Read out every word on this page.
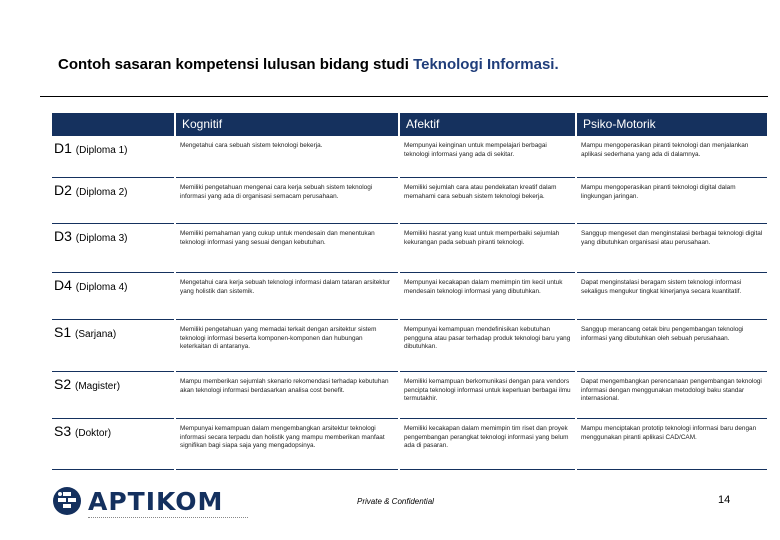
Contoh sasaran kompetensi lulusan bidang studi Teknologi Informasi.
	Kognitif	Afektif	Psiko-Motorik
D1 (Diploma 1)	Mengetahui cara sebuah sistem teknologi bekerja.	Mempunyai keinginan untuk mempelajari berbagai teknologi informasi yang ada di sekitar.	Mampu mengoperasikan piranti teknologi dan menjalankan aplikasi sederhana yang ada di dalamnya.
D2 (Diploma 2)	Memiliki pengetahuan mengenai cara kerja sebuah sistem teknologi informasi yang ada di organisasi semacam perusahaan.	Memiliki sejumlah cara atau pendekatan kreatif dalam memahami cara sebuah sistem teknologi bekerja.	Mampu mengoperasikan piranti teknologi digital dalam lingkungan jaringan.
D3 (Diploma 3)	Memiliki pemahaman yang cukup untuk mendesain dan menentukan teknologi informasi yang sesuai dengan kebutuhan.	Memiliki hasrat yang kuat untuk memperbaiki sejumlah kekurangan pada sebuah piranti teknologi.	Sanggup mengeset dan menginstalasi berbagai teknologi digital yang dibutuhkan organisasi atau perusahaan.
D4 (Diploma 4)	Mengetahui cara kerja sebuah teknologi informasi dalam tataran arsitektur yang holistik dan sistemik.	Mempunyai kecakapan dalam memimpin tim kecil untuk mendesain teknologi informasi yang dibutuhkan.	Dapat menginstalasi beragam sistem teknologi informasi sekaligus mengukur tingkat kinerjanya secara kuantitatif.
S1 (Sarjana)	Memiliki pengetahuan yang memadai terkait dengan arsitektur sistem teknologi informasi beserta komponen-komponen dan hubungan keterkaitan di antaranya.	Mempunyai kemampuan mendefinisikan kebutuhan pengguna atau pasar terhadap produk teknologi baru yang dibutuhkan.	Sanggup merancang cetak biru pengembangan teknologi informasi yang dibutuhkan oleh sebuah perusahaan.
S2 (Magister)	Mampu memberikan sejumlah skenario rekomendasi terhadap kebutuhan akan teknologi informasi berdasarkan analisa cost benefit.	Memiliki kemampuan berkomunikasi dengan para vendors pencipta teknologi informasi untuk keperluan berbagai ilmu termutakhir.	Dapat mengembangkan perencanaan pengembangan teknologi informasi dengan menggunakan metodologi baku standar internasional.
S3 (Doktor)	Mempunyai kemampuan dalam mengembangkan arsitektur teknologi informasi secara terpadu dan holistik yang mampu memberikan manfaat signifikan bagi siapa saja yang mengadopsinya.	Memiliki kecakapan dalam memimpin tim riset dan proyek pengembangan perangkat teknologi informasi yang belum ada di pasaran.	Mampu menciptakan prototip teknologi informasi baru dengan menggunakan piranti aplikasi CAD/CAM.
APTIKOM	Private & Confidential	14
